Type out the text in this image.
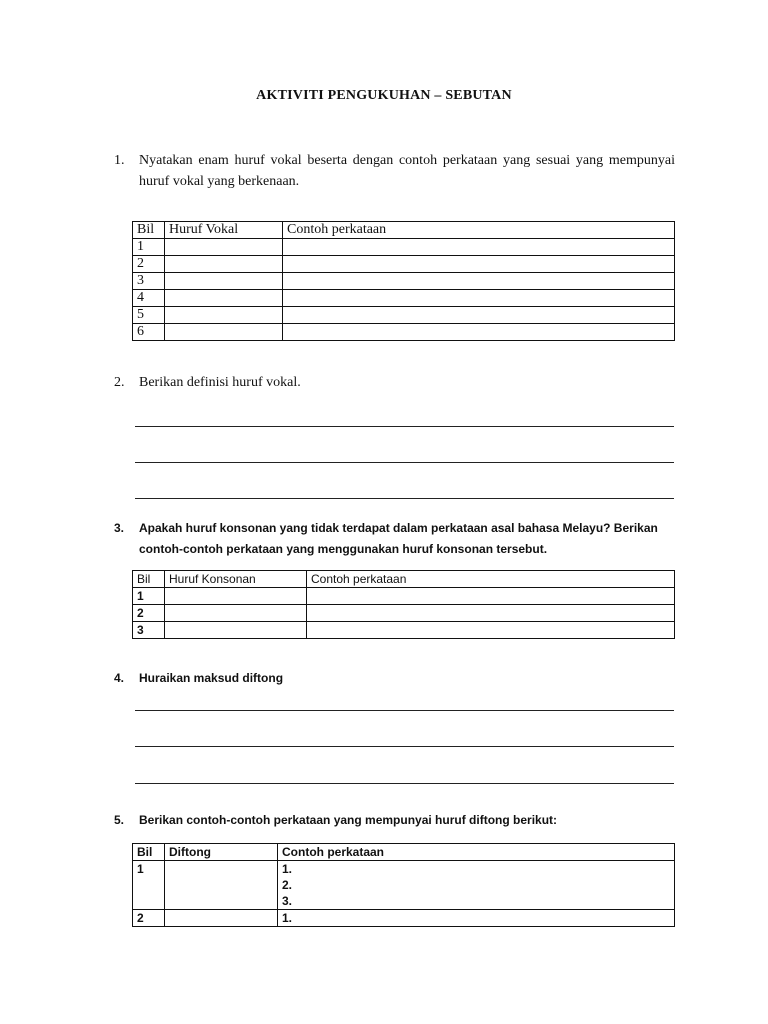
AKTIVITI PENGUKUHAN – SEBUTAN
1.	Nyatakan enam huruf vokal beserta dengan contoh perkataan yang sesuai yang mempunyai huruf vokal yang berkenaan.
Bil	Huruf Vokal	Contoh perkataan
1		
2		
3		
4		
5		
6		
2.	Berikan definisi huruf vokal.
3.	Apakah huruf konsonan yang tidak terdapat dalam perkataan asal bahasa Melayu? Berikan contoh-contoh perkataan yang menggunakan huruf konsonan tersebut.
Bil	Huruf Konsonan	Contoh perkataan
1		
2		
3		
4.	Huraikan maksud diftong
5.	Berikan contoh-contoh perkataan yang mempunyai huruf diftong berikut:
Bil	Diftong	Contoh perkataan
1		1.
2.
3.

2		1.
